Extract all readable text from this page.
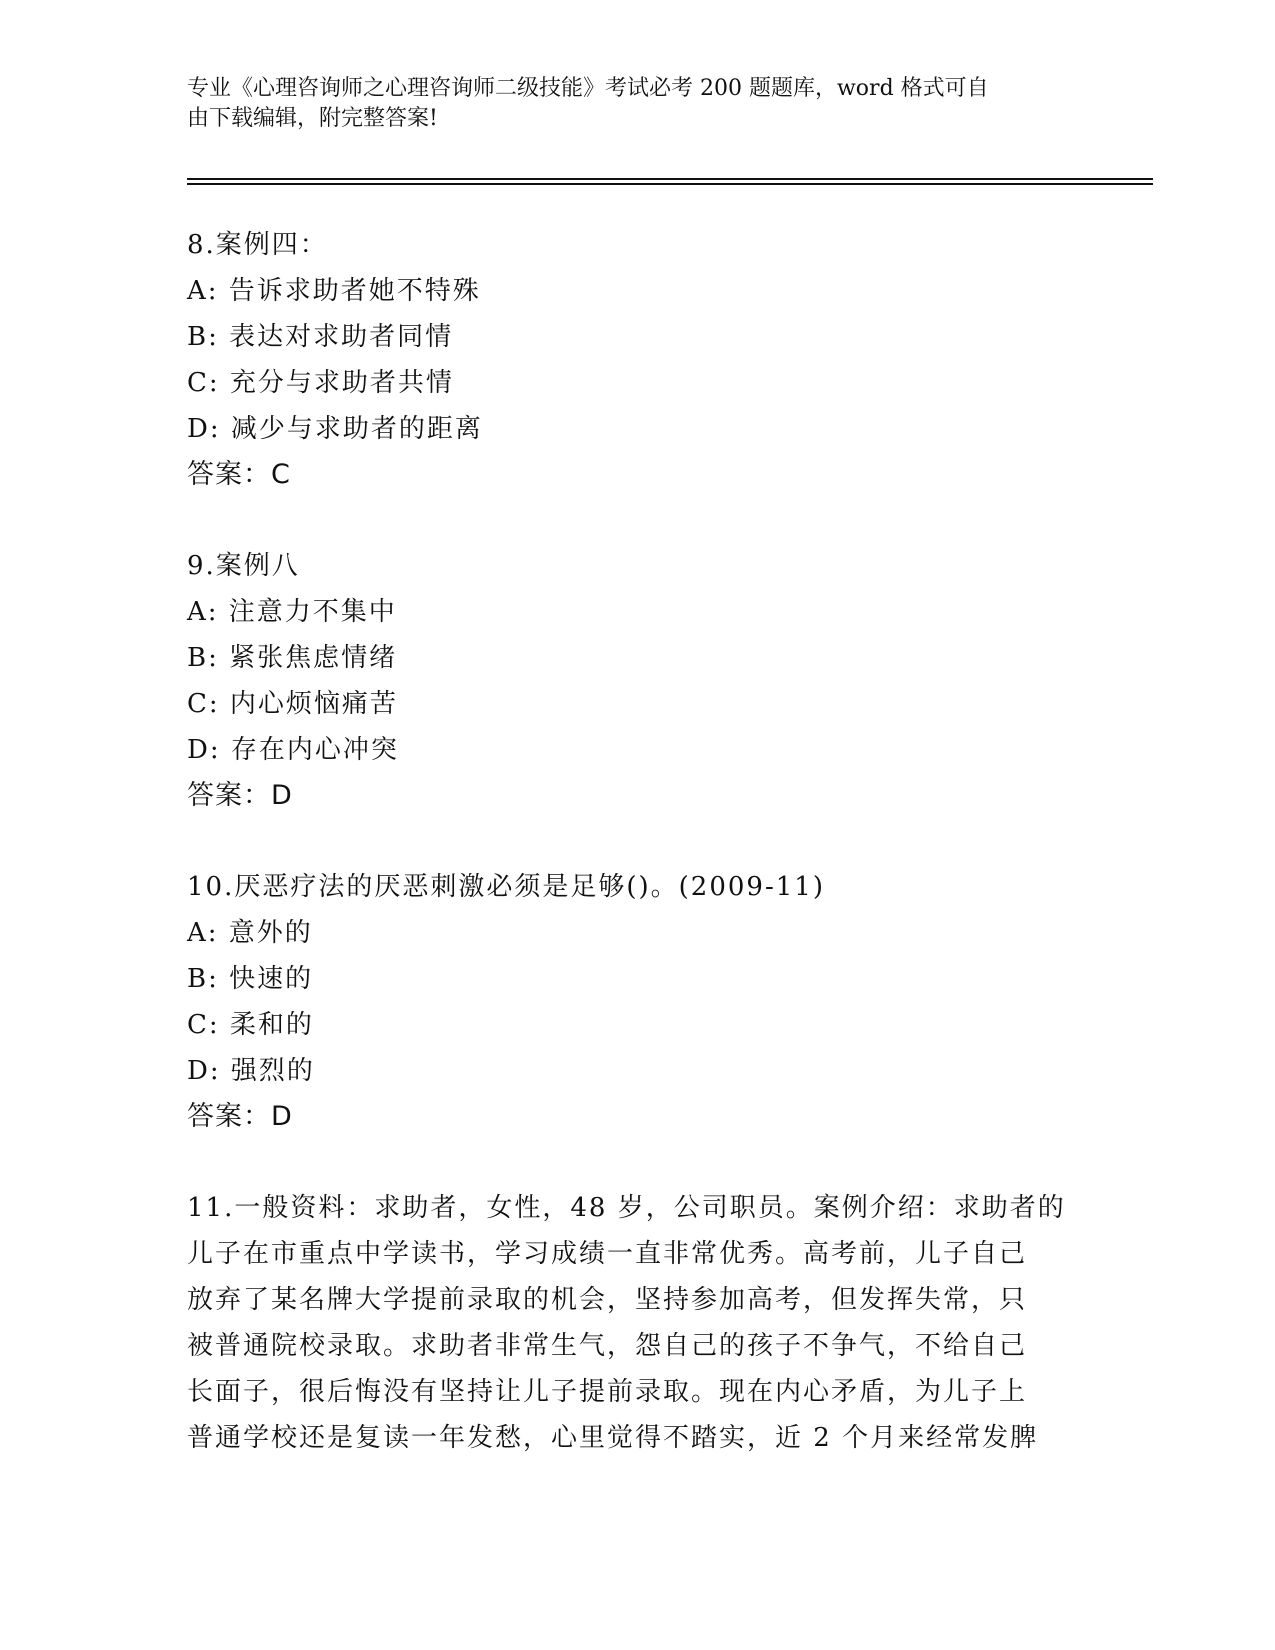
专业《心理咨询师之心理咨询师二级技能》考试必考 200 题题库，word 格式可自
由下载编辑，附完整答案!
8.案例四：
A: 告诉求助者她不特殊
B: 表达对求助者同情
C: 充分与求助者共情
D: 减少与求助者的距离
答案：C
9.案例八
A: 注意力不集中
B: 紧张焦虑情绪
C: 内心烦恼痛苦
D: 存在内心冲突
答案：D
10.厌恶疗法的厌恶刺激必须是足够()。(2009-11)
A: 意外的
B: 快速的
C: 柔和的
D: 强烈的
答案：D
11.一般资料：求助者，女性，48 岁，公司职员。案例介绍：求助者的
儿子在市重点中学读书，学习成绩一直非常优秀。高考前，儿子自己
放弃了某名牌大学提前录取的机会，坚持参加高考，但发挥失常，只
被普通院校录取。求助者非常生气，怨自己的孩子不争气，不给自己
长面子，很后悔没有坚持让儿子提前录取。现在内心矛盾，为儿子上
普通学校还是复读一年发愁，心里觉得不踏实，近 2 个月来经常发脾
